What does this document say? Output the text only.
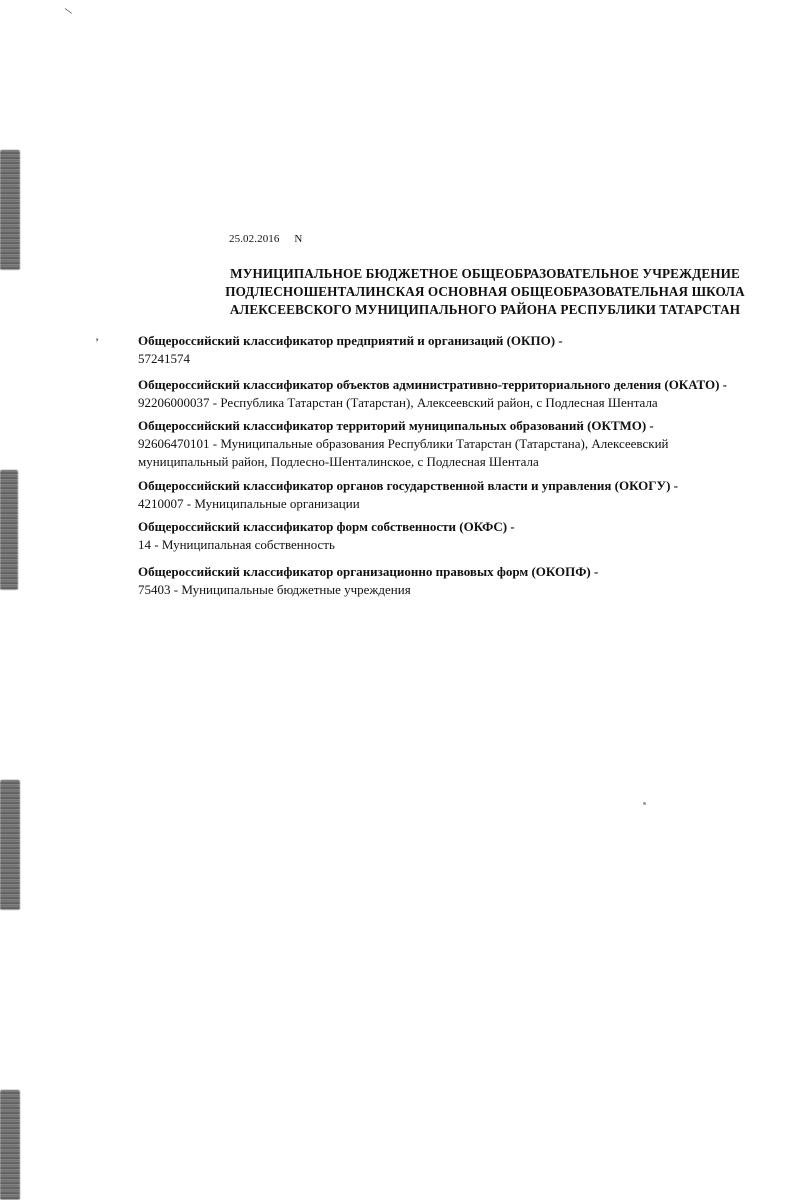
\
’
25.02.2016 N
МУНИЦИПАЛЬНОЕ БЮДЖЕТНОЕ ОБЩЕОБРАЗОВАТЕЛЬНОЕ УЧРЕЖДЕНИЕ
ПОДЛЕСНОШЕНТАЛИНСКАЯ ОСНОВНАЯ ОБЩЕОБРАЗОВАТЕЛЬНАЯ ШКОЛА
АЛЕКСЕЕВСКОГО МУНИЦИПАЛЬНОГО РАЙОНА РЕСПУБЛИКИ ТАТАРСТАН
Общероссийский классификатор предприятий и организаций (ОКПО) -
57241574
Общероссийский классификатор объектов административно-территориального деления (ОКАТО) -
92206000037 - Республика Татарстан (Татарстан), Алексеевский район, с Подлесная Шентала
Общероссийский классификатор территорий муниципальных образований (ОКТМО) -
92606470101 - Муниципальные образования Республики Татарстан (Татарстана), Алексеевский
муниципальный район, Подлесно-Шенталинское, с Подлесная Шентала
Общероссийский классификатор органов государственной власти и управления (ОКОГУ) -
4210007 - Муниципальные организации
Общероссийский классификатор форм собственности (ОКФС) -
14 - Муниципальная собственность
Общероссийский классификатор организационно правовых форм (ОКОПФ) -
75403 - Муниципальные бюджетные учреждения
